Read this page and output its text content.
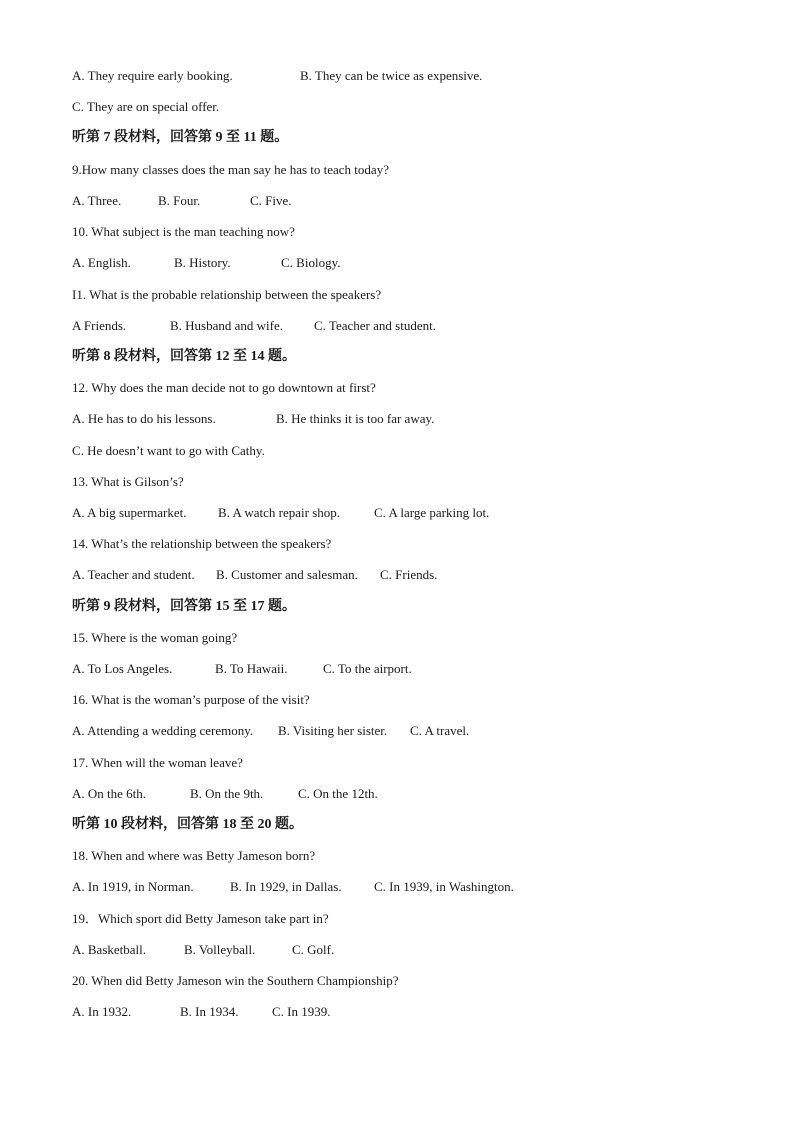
A. They require early booking.	B. They can be twice as expensive.
C. They are on special offer.
听第 7 段材料，回答第 9 至 11 题。
9.How many classes does the man say he has to teach today?
A. Three.	B. Four.	C. Five.
10. What subject is the man teaching now?
A. English.	B. History.	C. Biology.
I1. What is the probable relationship between the speakers?
A Friends.	B. Husband and wife. C. Teacher and student.
听第 8 段材料，回答第 12 至 14 题。
12. Why does the man decide not to go downtown at first?
A. He has to do his lessons.	B. He thinks it is too far away.
C. He doesn’t want to go with Cathy.
13. What is Gilson’s?
A. A big supermarket. B. A watch repair shop.	C. A large parking lot.
14. What’s the relationship between the speakers?
A. Teacher and student. B. Customer and salesman. C. Friends.
听第 9 段材料，回答第 15 至 17 题。
15. Where is the woman going?
A. To Los Angeles.	B. To Hawaii.	C. To the airport.
16. What is the woman’s purpose of the visit?
A. Attending a wedding ceremony. B. Visiting her sister. C. A travel.
17. When will the woman leave?
A. On the 6th.	B. On the 9th.	C. On the 12th.
听第 10 段材料，回答第 18 至 20 题。
18. When and where was Betty Jameson born?
A. In 1919, in Norman.	B. In 1929, in Dallas. C. In 1939, in Washington.
19．Which sport did Betty Jameson take part in?
A. Basketball.	B. Volleyball.	C. Golf.
20. When did Betty Jameson win the Southern Championship?
A. In 1932.	B. In 1934.	C. In 1939.
